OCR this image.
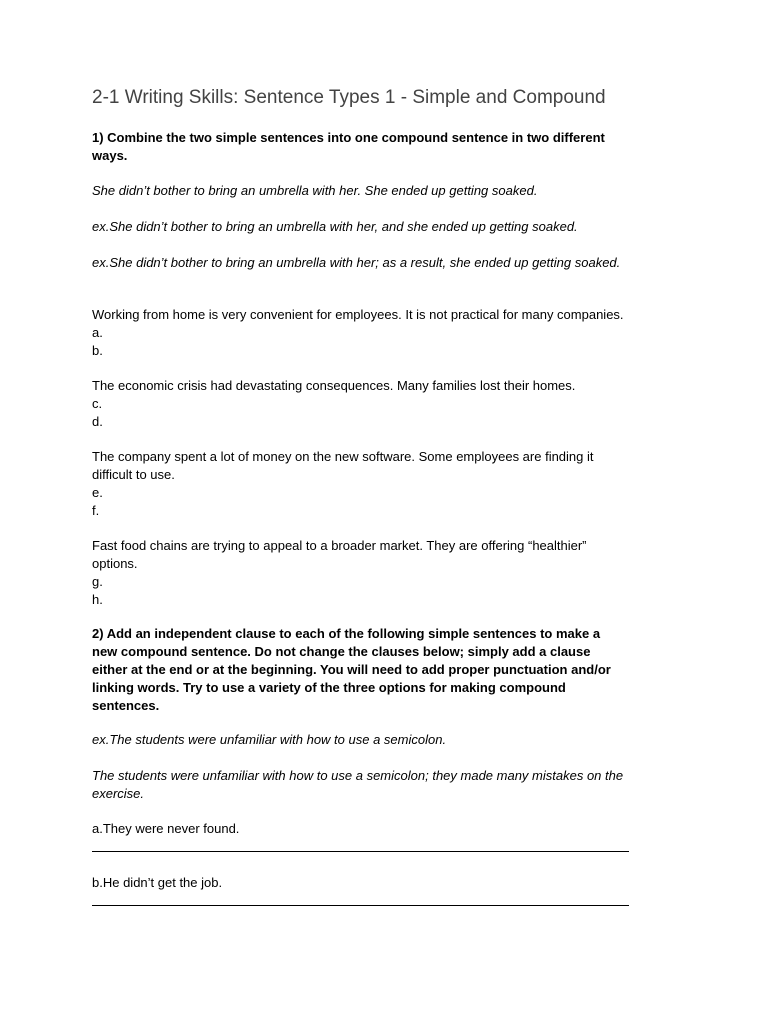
2-1 Writing Skills: Sentence Types 1 - Simple and Compound

1) Combine the two simple sentences into one compound sentence in two different

ways.

She didn’t bother to bring an umbrella with her. She ended up getting soaked.

ex.She didn’t bother to bring an umbrella with her, and she ended up getting soaked.

ex.She didn’t bother to bring an umbrella with her; as a result, she ended up getting soaked.

Working from home is very convenient for employees. It is not practical for many companies.

a.

b.

The economic crisis had devastating consequences. Many families lost their homes.

c.

d.

The company spent a lot of money on the new software. Some employees are finding it

difficult to use.

e.

f.

Fast food chains are trying to appeal to a broader market. They are offering “healthier”

options.

g.

h.

2) Add an independent clause to each of the following simple sentences to make a

new compound sentence. Do not change the clauses below; simply add a clause

either at the end or at the beginning. You will need to add proper punctuation and/or

linking words. Try to use a variety of the three options for making compound

sentences.

ex.The students were unfamiliar with how to use a semicolon.

The students were unfamiliar with how to use a semicolon; they made many mistakes on the

exercise.

a.They were never found.

b.He didn’t get the job.
